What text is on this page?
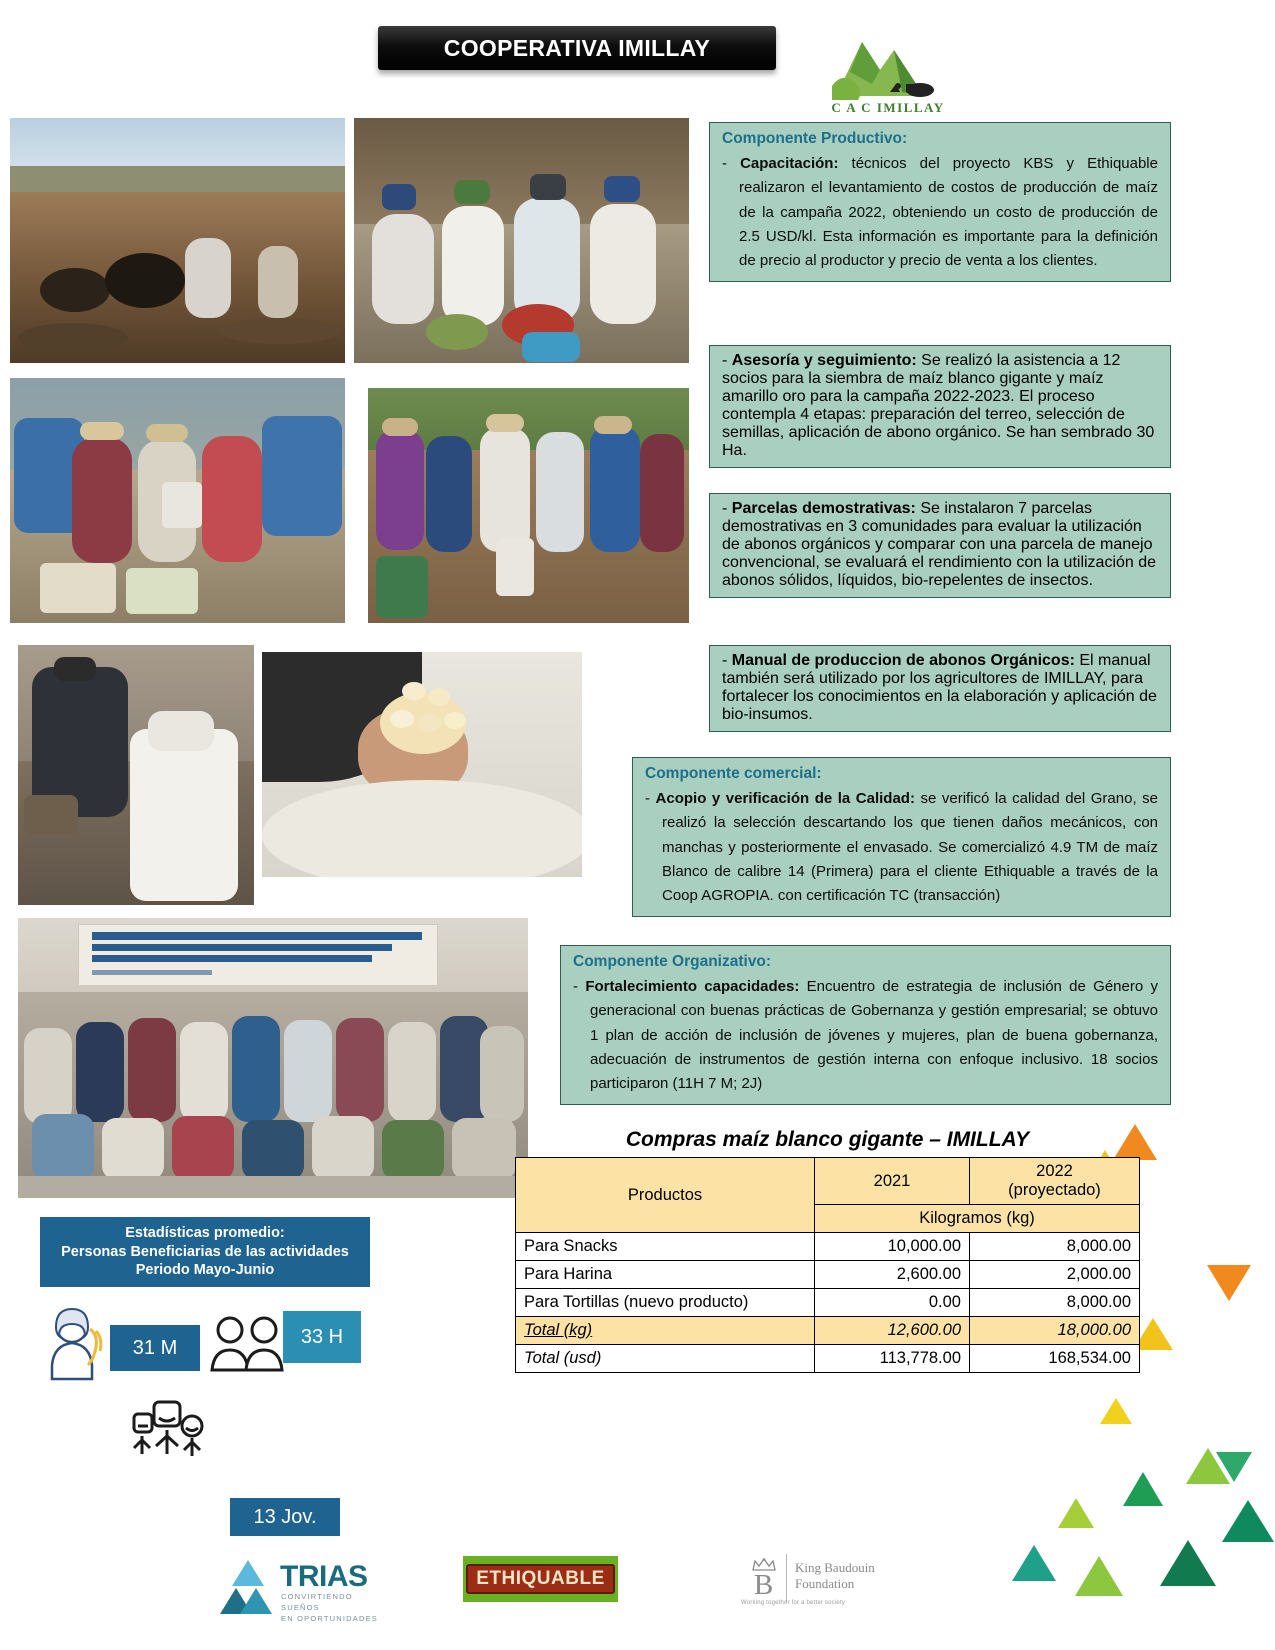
COOPERATIVA IMILLAY
C A C IMILLAY
Componente Productivo:

- Capacitación: técnicos del proyecto KBS y Ethiquable realizaron el levantamiento de costos de producción de maíz de la campaña 2022, obteniendo un costo de producción de 2.5 USD/kl. Esta información es importante para la definición de precio al productor y precio de venta a los clientes.

- Asesoría y seguimiento: Se realizó la asistencia a 12 socios para la siembra de maíz blanco gigante y maíz amarillo oro para la campaña 2022-2023. El proceso contempla 4 etapas: preparación del terreo, selección de semillas, aplicación de abono orgánico. Se han sembrado 30 Ha.

- Parcelas demostrativas: Se instalaron 7 parcelas demostrativas en 3 comunidades para evaluar la utilización de abonos orgánicos y comparar con una parcela de manejo convencional, se evaluará el rendimiento con la utilización de abonos sólidos, líquidos, bio-repelentes de insectos.

- Manual de produccion de abonos Orgánicos: El manual también será utilizado por los agricultores de IMILLAY, para fortalecer los conocimientos en la elaboración y aplicación de bio-insumos.

Componente comercial:

- Acopio y verificación de la Calidad: se verificó la calidad del Grano, se realizó la selección descartando los que tienen daños mecánicos, con manchas y posteriormente el envasado. Se comercializó 4.9 TM de maíz Blanco de calibre 14 (Primera) para el cliente Ethiquable a través de la Coop AGROPIA. con certificación TC (transacción)

Componente Organizativo:

- Fortalecimiento capacidades: Encuentro de estrategia de inclusión de Género y generacional con buenas prácticas de Gobernanza y gestión empresarial; se obtuvo 1 plan de acción de inclusión de jóvenes y mujeres, plan de buena gobernanza, adecuación de instrumentos de gestión interna con enfoque inclusivo. 18 socios participaron (11H 7 M; 2J)

Compras maíz blanco gigante – IMILLAY
Productos	2021	2022
(proyectado)

	Kilogramos (kg)	
Para Snacks	10,000.00	8,000.00
Para Harina	2,600.00	2,000.00
Para Tortillas (nuevo producto)	0.00	8,000.00
Total (kg)	12,600.00	18,000.00
Total (usd)	113,778.00	168,534.00
Estadísticas promedio:
Personas Beneficiarias de las actividades
Periodo Mayo-Junio
31 M	33 H
13 Jov.
TRIAS
CONVIRTIENDO SUEÑOS
EN OPORTUNIDADES
ETHIQUABLE	B
King Baudouin
Foundation
Working together for a better society
